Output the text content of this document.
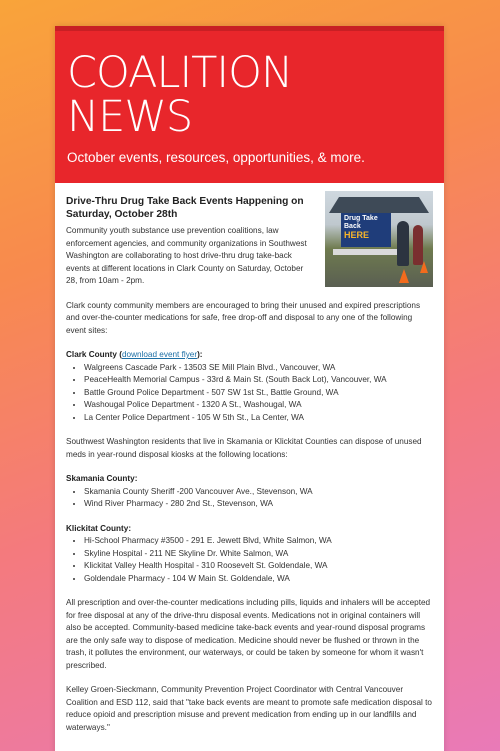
COALITION
NEWS
October events, resources, opportunities, & more.
Drive-Thru Drug Take Back Events Happening on Saturday, October 28th

Community youth substance use prevention coalitions, law enforcement agencies, and community organizations in Southwest Washington are collaborating to host drive-thru drug take-back events at different locations in Clark County on Saturday, October 28, from 10am - 2pm.

Drug Take Back
HERE

Clark county community members are encouraged to bring their unused and expired prescriptions and over-the-counter medications for safe, free drop-off and disposal to any one of the following event sites:

Clark County (download event flyer):
• Walgreens Cascade Park - 13503 SE Mill Plain Blvd., Vancouver, WA
• PeaceHealth Memorial Campus - 33rd & Main St. (South Back Lot), Vancouver, WA
• Battle Ground Police Department - 507 SW 1st St., Battle Ground, WA
• Washougal Police Department - 1320 A St., Washougal, WA
• La Center Police Department - 105 W 5th St., La Center, WA

Southwest Washington residents that live in Skamania or Klickitat Counties can dispose of unused meds in year-round disposal kiosks at the following locations:

Skamania County:
• Skamania County Sheriff -200 Vancouver Ave., Stevenson, WA
• Wind River Pharmacy - 280 2nd St., Stevenson, WA
Klickitat County:
• Hi-School Pharmacy #3500 - 291 E. Jewett Blvd, White Salmon, WA
• Skyline Hospital - 211 NE Skyline Dr. White Salmon, WA
• Klickitat Valley Health Hospital - 310 Roosevelt St. Goldendale, WA
• Goldendale Pharmacy - 104 W Main St. Goldendale, WA

All prescription and over-the-counter medications including pills, liquids and inhalers will be accepted for free disposal at any of the drive-thru disposal events. Medications not in original containers will also be accepted. Community-based medicine take-back events and year-round disposal programs are the only safe way to dispose of medication. Medicine should never be flushed or thrown in the trash, it pollutes the environment, our waterways, or could be taken by someone for whom it wasn't prescribed.

Kelley Groen-Sieckmann, Community Prevention Project Coordinator with Central Vancouver Coalition and ESD 112, said that "take back events are meant to promote safe medication disposal to reduce opioid and prescription misuse and prevent medication from ending up in our landfills and waterways."
